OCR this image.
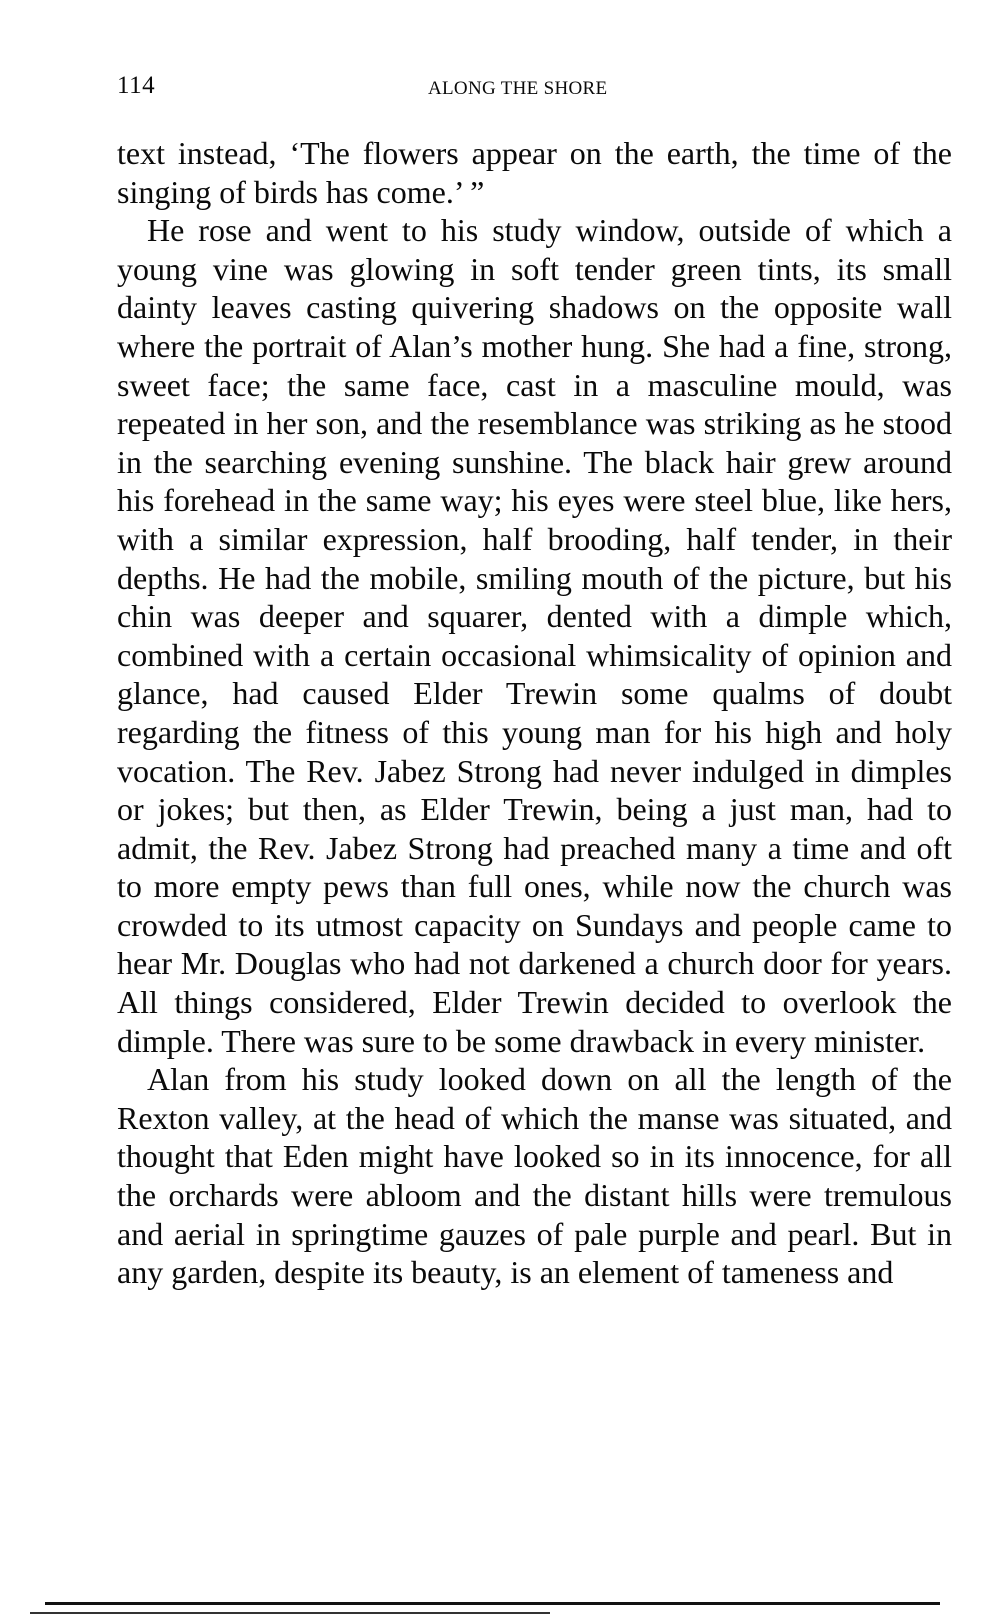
114	ALONG THE SHORE

text instead, ‘The flowers appear on the earth, the time of the singing of birds has come.’ ”

He rose and went to his study window, outside of which a young vine was glowing in soft tender green tints, its small dainty leaves casting quivering shadows on the opposite wall where the portrait of Alan’s mother hung. She had a fine, strong, sweet face; the same face, cast in a masculine mould, was repeated in her son, and the resemblance was striking as he stood in the searching evening sunshine. The black hair grew around his forehead in the same way; his eyes were steel blue, like hers, with a similar expression, half brooding, half tender, in their depths. He had the mobile, smiling mouth of the picture, but his chin was deeper and squarer, dented with a dimple which, combined with a certain occasional whimsicality of opinion and glance, had caused Elder Trewin some qualms of doubt regarding the fitness of this young man for his high and holy vocation. The Rev. Jabez Strong had never indulged in dimples or jokes; but then, as Elder Trewin, being a just man, had to admit, the Rev. Jabez Strong had preached many a time and oft to more empty pews than full ones, while now the church was crowded to its utmost capacity on Sundays and people came to hear Mr. Douglas who had not darkened a church door for years. All things considered, Elder Trewin decided to overlook the dimple. There was sure to be some drawback in every minister.

Alan from his study looked down on all the length of the Rexton valley, at the head of which the manse was situated, and thought that Eden might have looked so in its innocence, for all the orchards were abloom and the distant hills were tremulous and aerial in springtime gauzes of pale purple and pearl. But in any garden, despite its beauty, is an element of tameness and
